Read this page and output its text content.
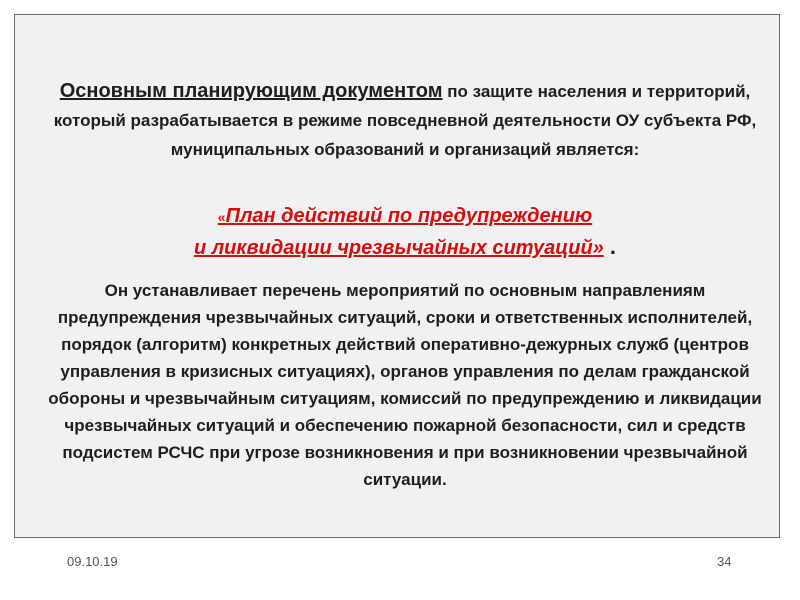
Основным планирующим документом по защите населения и территорий, который разрабатывается в режиме повседневной деятельности ОУ субъекта РФ, муниципальных образований и организаций является:

«План действий по предупреждению
и ликвидации чрезвычайных ситуаций» .

Он устанавливает перечень мероприятий по основным направлениям предупреждения чрезвычайных ситуаций, сроки и ответственных исполнителей, порядок (алгоритм) конкретных действий оперативно-дежурных служб (центров управления в кризисных ситуациях), органов управления по делам гражданской обороны и чрезвычайным ситуациям, комиссий по предупреждению и ликвидации чрезвычайных ситуаций и обеспечению пожарной безопасности, сил и средств подсистем РСЧС при угрозе возникновения и при возникновении чрезвычайной ситуации.

09.10.19	34
